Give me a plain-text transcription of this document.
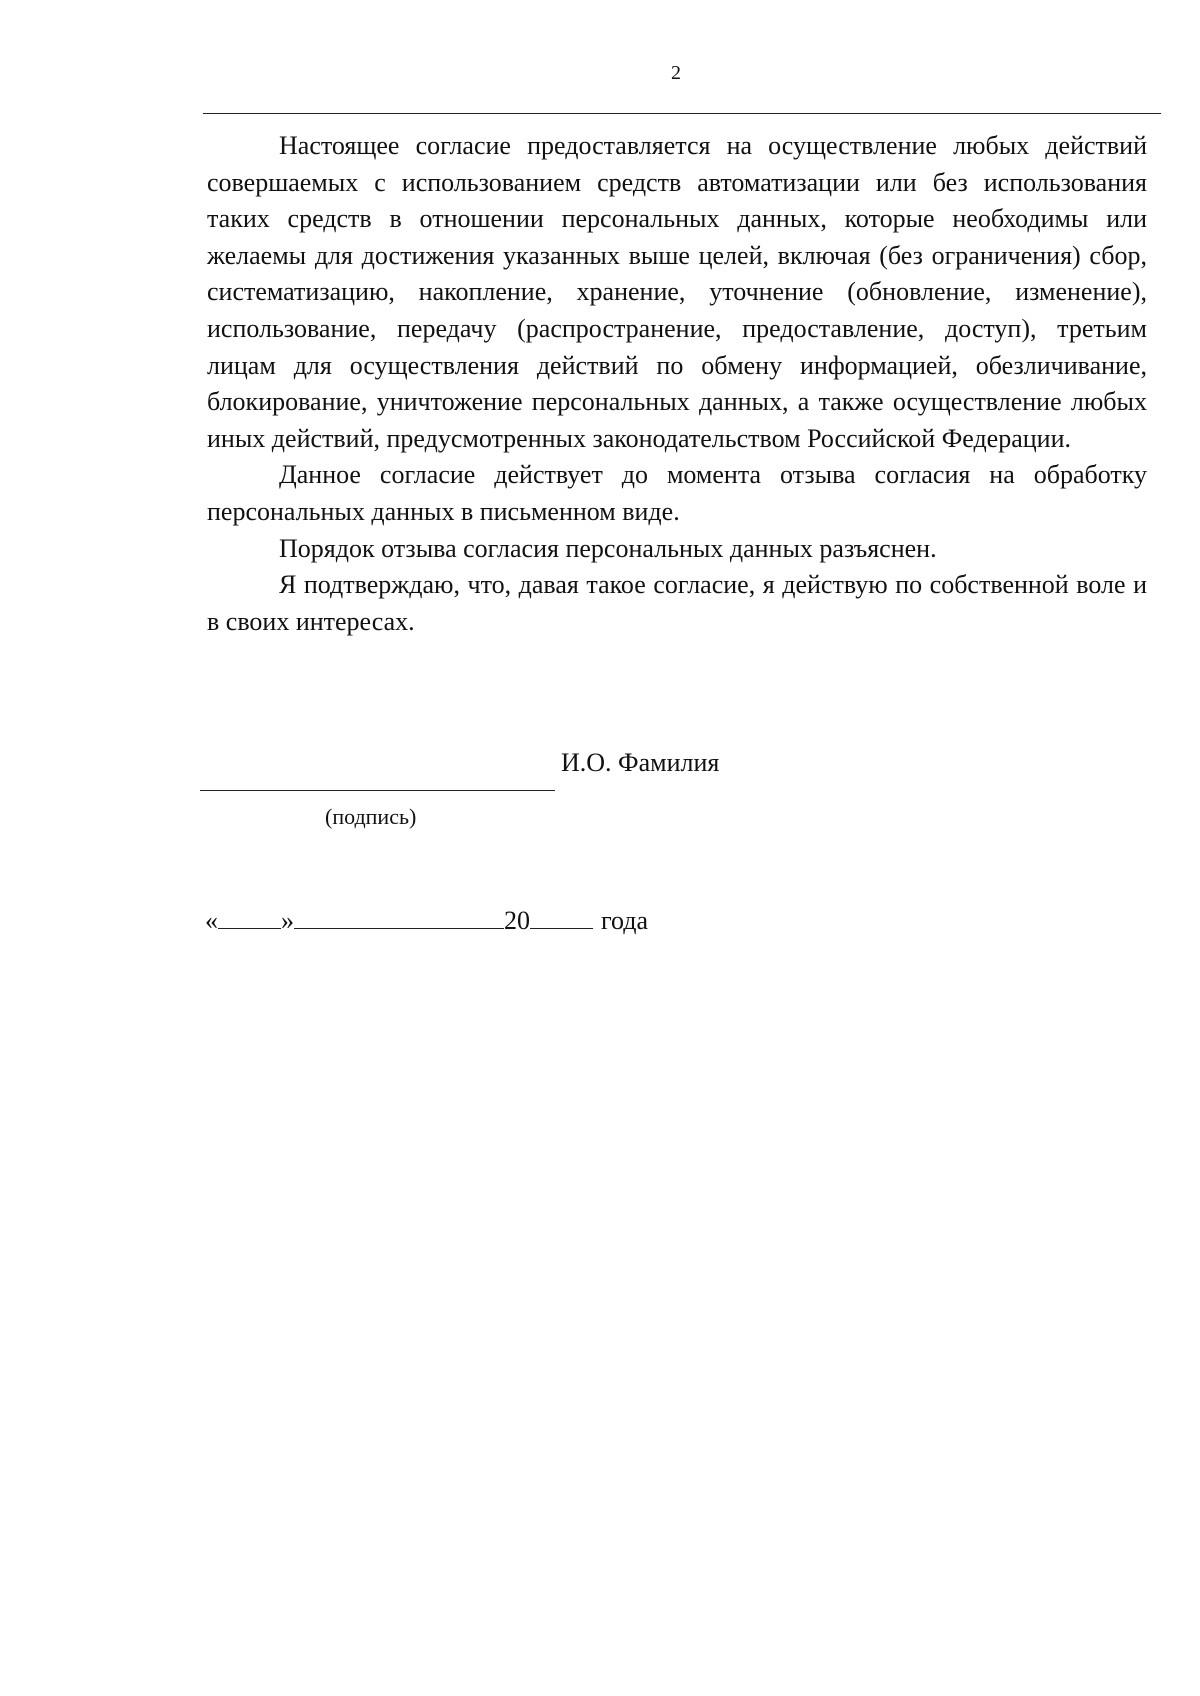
2

Настоящее согласие предоставляется на осуществление любых действий совершаемых с использованием средств автоматизации или без использования таких средств в отношении персональных данных, которые необходимы или желаемы для достижения указанных выше целей, включая (без ограничения) сбор, систематизацию, накопление, хранение, уточнение (обновление, изменение), использование, передачу (распространение, предоставление, доступ), третьим лицам для осуществления действий по обмену информацией, обезличивание, блокирование, уничтожение персональных данных, а также осуществление любых иных действий, предусмотренных законодательством Российской Федерации.

Данное согласие действует до момента отзыва согласия на обработку персональных данных в письменном виде.

Порядок отзыва согласия персональных данных разъяснен.

Я подтверждаю, что, давая такое согласие, я действую по собственной воле и в своих интересах.

И.О. Фамилия
(подпись)
« »	20	года
